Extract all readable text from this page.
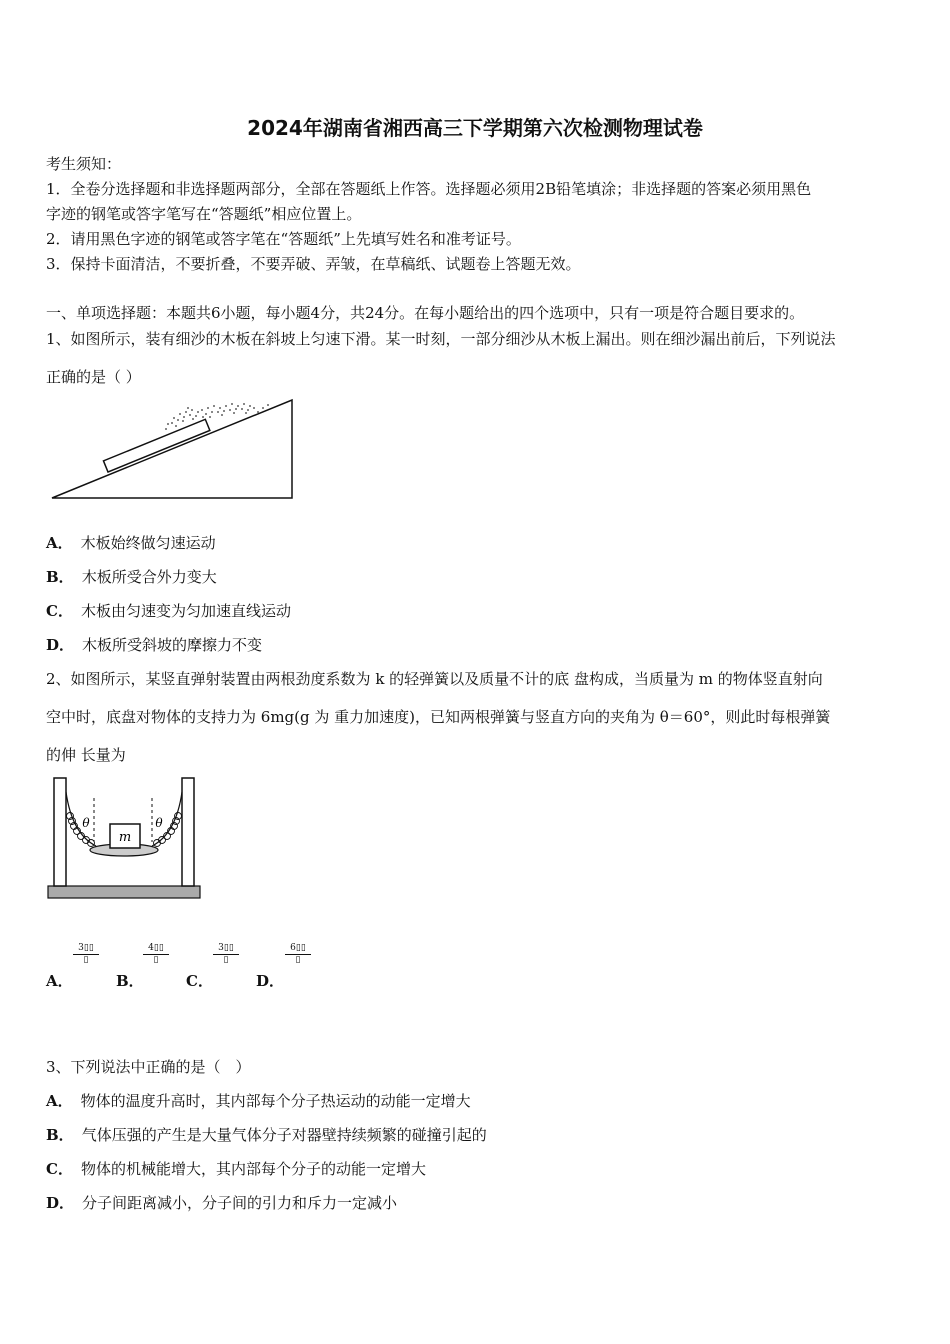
2024年湖南省湘西高三下学期第六次检测物理试卷
考生须知：
1．全卷分选择题和非选择题两部分，全部在答题纸上作答。选择题必须用2B铅笔填涂；非选择题的答案必须用黑色
字迹的钢笔或答字笔写在“答题纸”相应位置上。
2．请用黑色字迹的钢笔或答字笔在“答题纸”上先填写姓名和准考证号。
3．保持卡面清洁，不要折叠，不要弄破、弄皱，在草稿纸、试题卷上答题无效。
一、单项选择题：本题共6小题，每小题4分，共24分。在每小题给出的四个选项中，只有一项是符合题目要求的。
1、如图所示，装有细沙的木板在斜坡上匀速下滑。某一时刻，一部分细沙从木板上漏出。则在细沙漏出前后，下列说法
正确的是（ ）
A． 木板始终做匀速运动
B． 木板所受合外力变大
C． 木板由匀速变为匀加速直线运动
D． 木板所受斜坡的摩擦力不变
2、如图所示，某竖直弹射装置由两根劲度系数为 k 的轻弹簧以及质量不计的底 盘构成，当质量为 m 的物体竖直射向
空中时，底盘对物体的支持力为 6mg(g 为 重力加速度)，已知两根弹簧与竖直方向的夹角为 θ＝60°，则此时每根弹簧
的伸 长量为
m
θ	θ
A．
3▯▯
▯
B．
4▯▯
▯
C．
3▯▯
▯
D．
6▯▯
▯
3、下列说法中正确的是（　）
A． 物体的温度升高时，其内部每个分子热运动的动能一定增大
B． 气体压强的产生是大量气体分子对器壁持续频繁的碰撞引起的
C． 物体的机械能增大，其内部每个分子的动能一定增大
D． 分子间距离减小，分子间的引力和斥力一定减小
